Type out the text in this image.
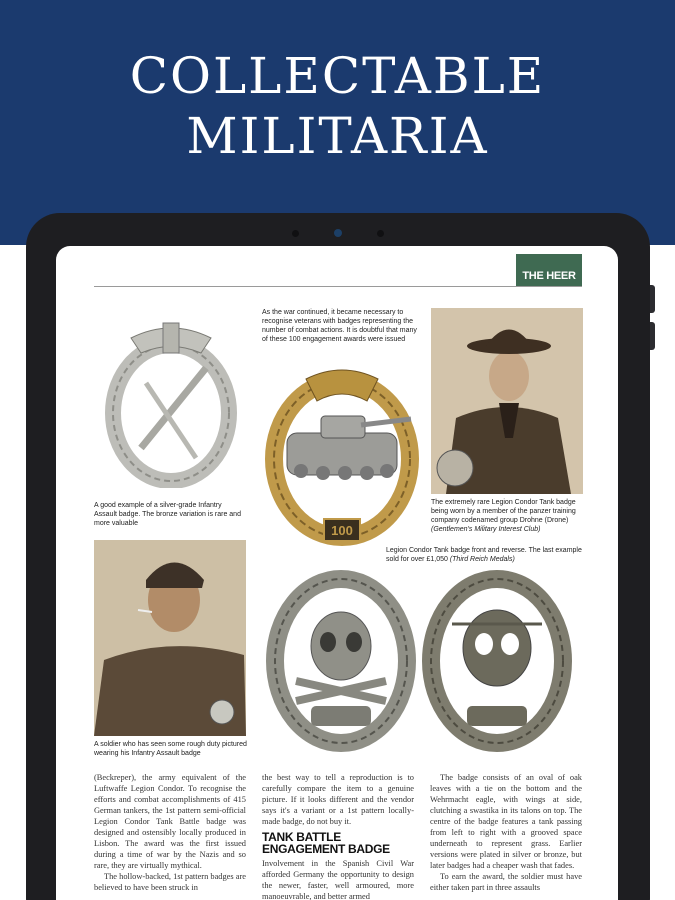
COLLECTABLE
MILITARIA
THE HEER
A good example of a silver-grade Infantry Assault badge. The bronze variation is rare and more valuable
As the war continued, it became necessary to recognise veterans with badges representing the number of combat actions. It is doubtful that many of these 100 engagement awards were issued
100
The extremely rare Legion Condor Tank badge being worn by a member of the panzer training company codenamed group Drohne (Drone) (Gentlemen's Military Interest Club)
Legion Condor Tank badge front and reverse. The last example sold for over £1,050 (Third Reich Medals)
A soldier who has seen some rough duty pictured wearing his Infantry Assault badge

(Beckreper), the army equivalent of the Luftwaffe Legion Condor. To recognise the efforts and combat accomplishments of 415 German tankers, the 1st pattern semi-official Legion Condor Tank Battle badge was designed and ostensibly locally produced in Lisbon. The award was the first issued during a time of war by the Nazis and so rare, they are virtually mythical.

The hollow-backed, 1st pattern badges are believed to have been struck in

the best way to tell a reproduction is to carefully compare the item to a genuine picture. If it looks different and the vendor says it's a variant or a 1st pattern locally-made badge, do not buy it.

TANK BATTLE
ENGAGEMENT BADGE

Involvement in the Spanish Civil War afforded Germany the opportunity to design the newer, faster, well armoured, more manoeuvrable, and better armed

The badge consists of an oval of oak leaves with a tie on the bottom and the Wehrmacht eagle, with wings at side, clutching a swastika in its talons on top. The centre of the badge features a tank passing from left to right with a grooved space underneath to represent grass. Earlier versions were plated in silver or bronze, but later badges had a cheaper wash that fades.

To earn the award, the soldier must have either taken part in three assaults
